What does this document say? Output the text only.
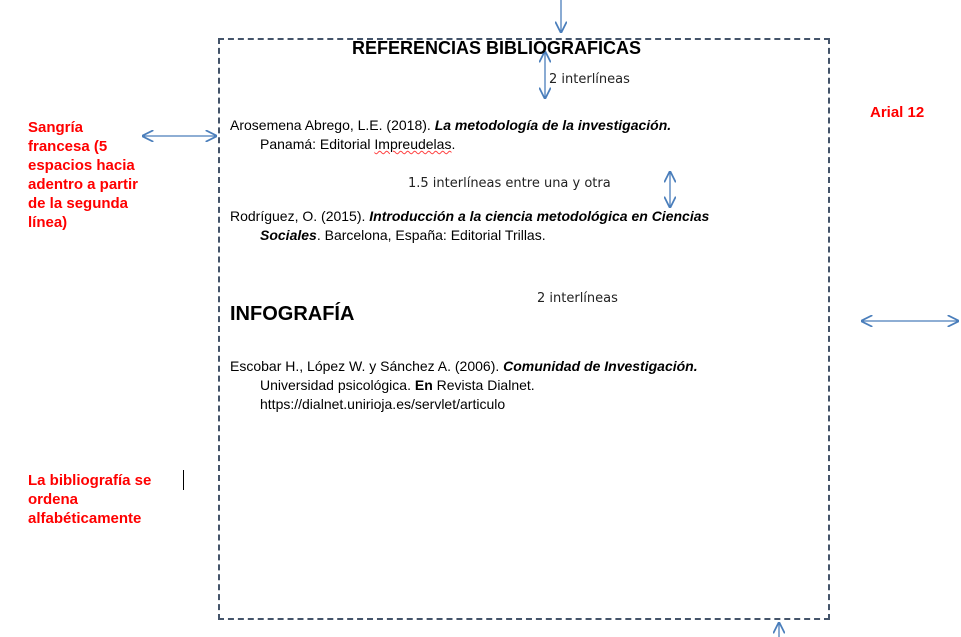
REFERENCIAS BIBLIOGRAFICAS
2 interlíneas
Arosemena Abrego, L.E. (2018). La metodología de la investigación.
Panamá: Editorial Impreudelas.
1.5 interlíneas entre una y otra
Rodríguez, O. (2015). Introducción a la ciencia metodológica en Ciencias
Sociales. Barcelona, España: Editorial Trillas.
2 interlíneas
INFOGRAFÍA
Escobar H., López W. y Sánchez A. (2006). Comunidad de Investigación.
Universidad psicológica. En Revista Dialnet.
https://dialnet.unirioja.es/servlet/articulo
Sangría francesa (5 espacios hacia adentro a partir de la segunda línea)
Arial 12
La bibliografía se ordena alfabéticamente
